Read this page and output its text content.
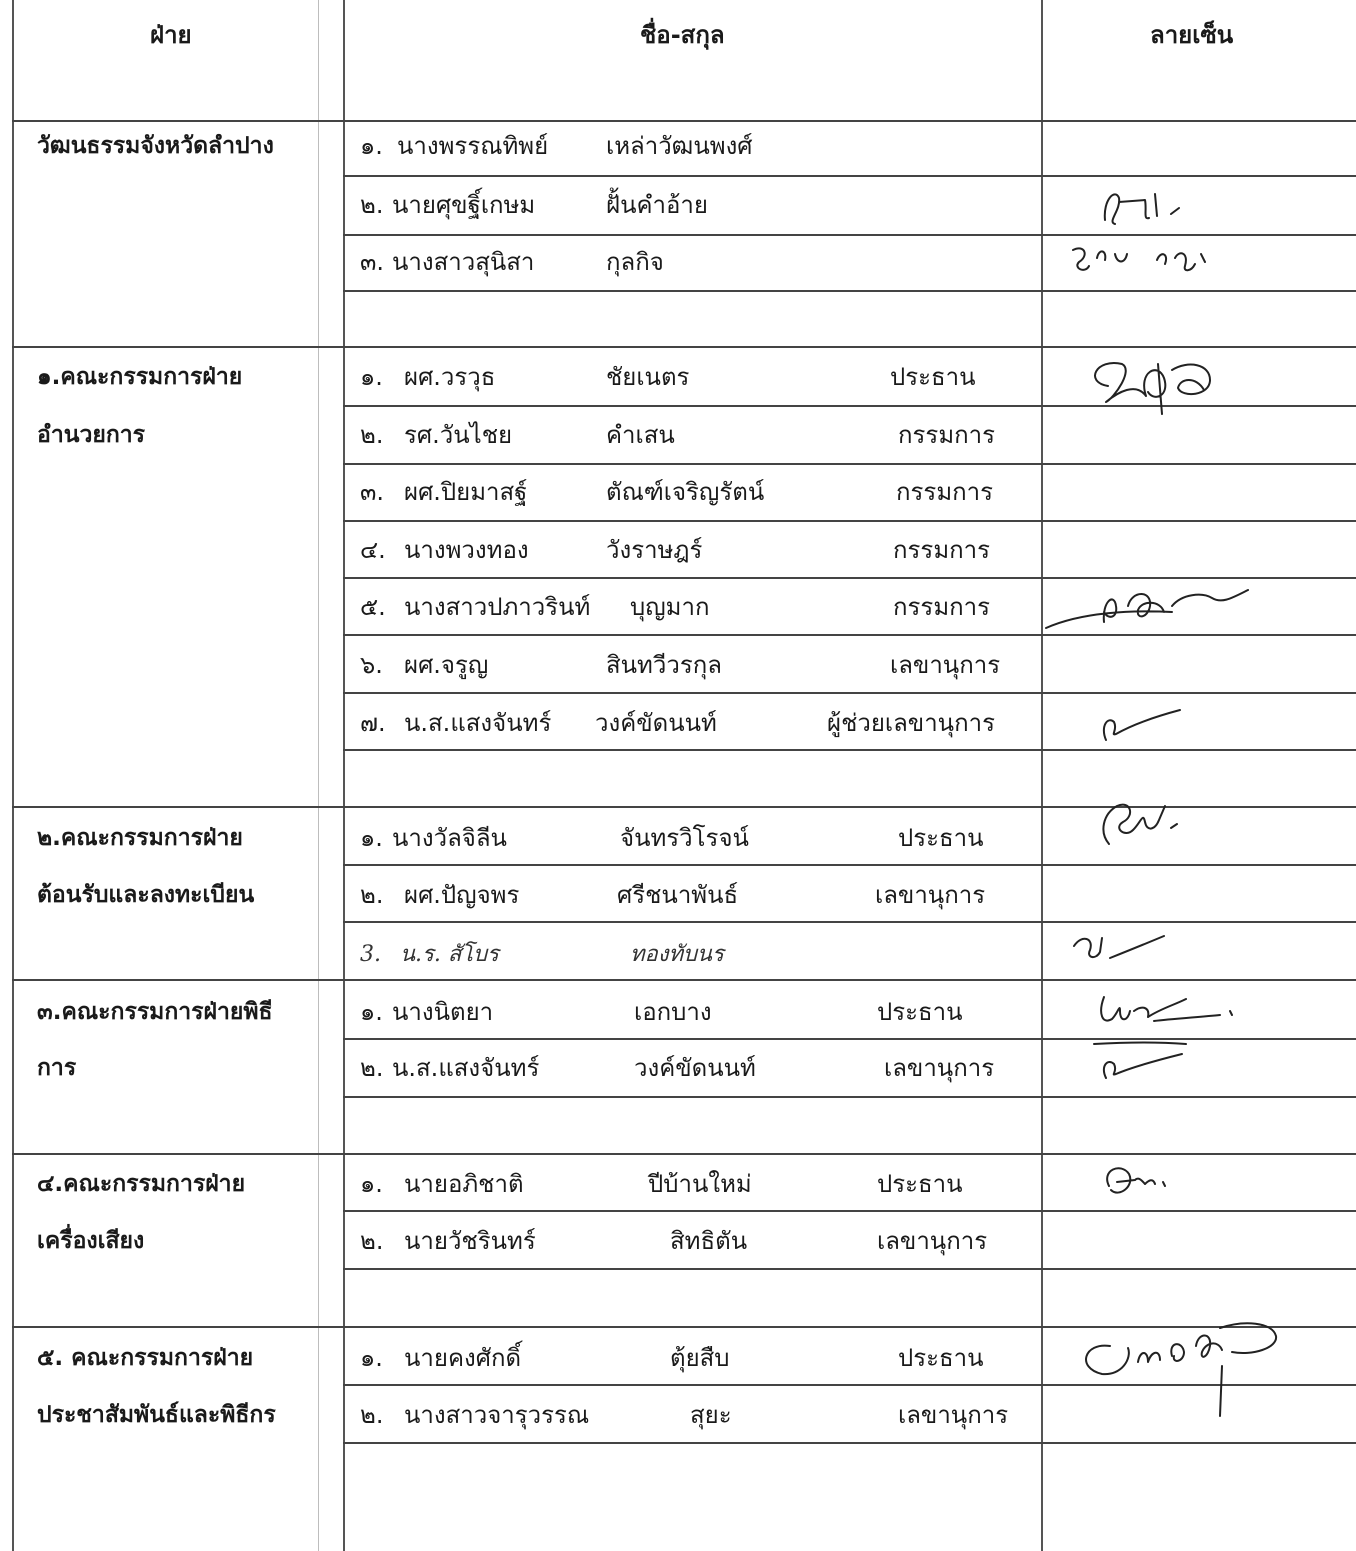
ฝ่าย	ชื่อ-สกุล	ลายเซ็น
วัฒนธรรมจังหวัดลำปาง	๑. นางพรรณทิพย์ เหล่าวัฒนพงศ์
๒. นายศุขฐิ์เกษม	ฝั้นคำอ้าย
๓. นางสาวสุนิสา	กุลกิจ
๑.คณะกรรมการฝ่าย
อำนวยการ
๑. ผศ.วรวุธ	ชัยเนตร	ประธาน
๒. รศ.วันไชย	คำเสน	กรรมการ
๓. ผศ.ปิยมาสฐ์	ตัณฑ์เจริญรัตน์	กรรมการ
๔. นางพวงทอง	วังราษฎร์	กรรมการ
๕. นางสาวปภาวรินท์ บุญมาก	กรรมการ
๖. ผศ.จรูญ	สินทวีวรกุล	เลขานุการ
๗. น.ส.แสงจันทร์ วงค์ขัดนนท์	ผู้ช่วยเลขานุการ
๒.คณะกรรมการฝ่าย
ต้อนรับและลงทะเบียน
๑. นางวัลจิลีน	จันทรวิโรจน์	ประธาน
๒. ผศ.ปัญจพร	ศรีชนาพันธ์	เลขานุการ
3. น.ร. สัโบร	ทองทับนร
๓.คณะกรรมการฝ่ายพิธี
การ
๑. นางนิตยา	เอกบาง	ประธาน
๒. น.ส.แสงจันทร์	วงค์ขัดนนท์	เลขานุการ
๔.คณะกรรมการฝ่าย
เครื่องเสียง
๑. นายอภิชาติ	ปีบ้านใหม่	ประธาน
๒. นายวัชรินทร์	สิทธิตัน	เลขานุการ
๕. คณะกรรมการฝ่าย
ประชาสัมพันธ์และพิธีกร
๑. นายคงศักดิ์	ตุ้ยสืบ	ประธาน
๒. นางสาวจารุวรรณ	สุยะ	เลขานุการ
